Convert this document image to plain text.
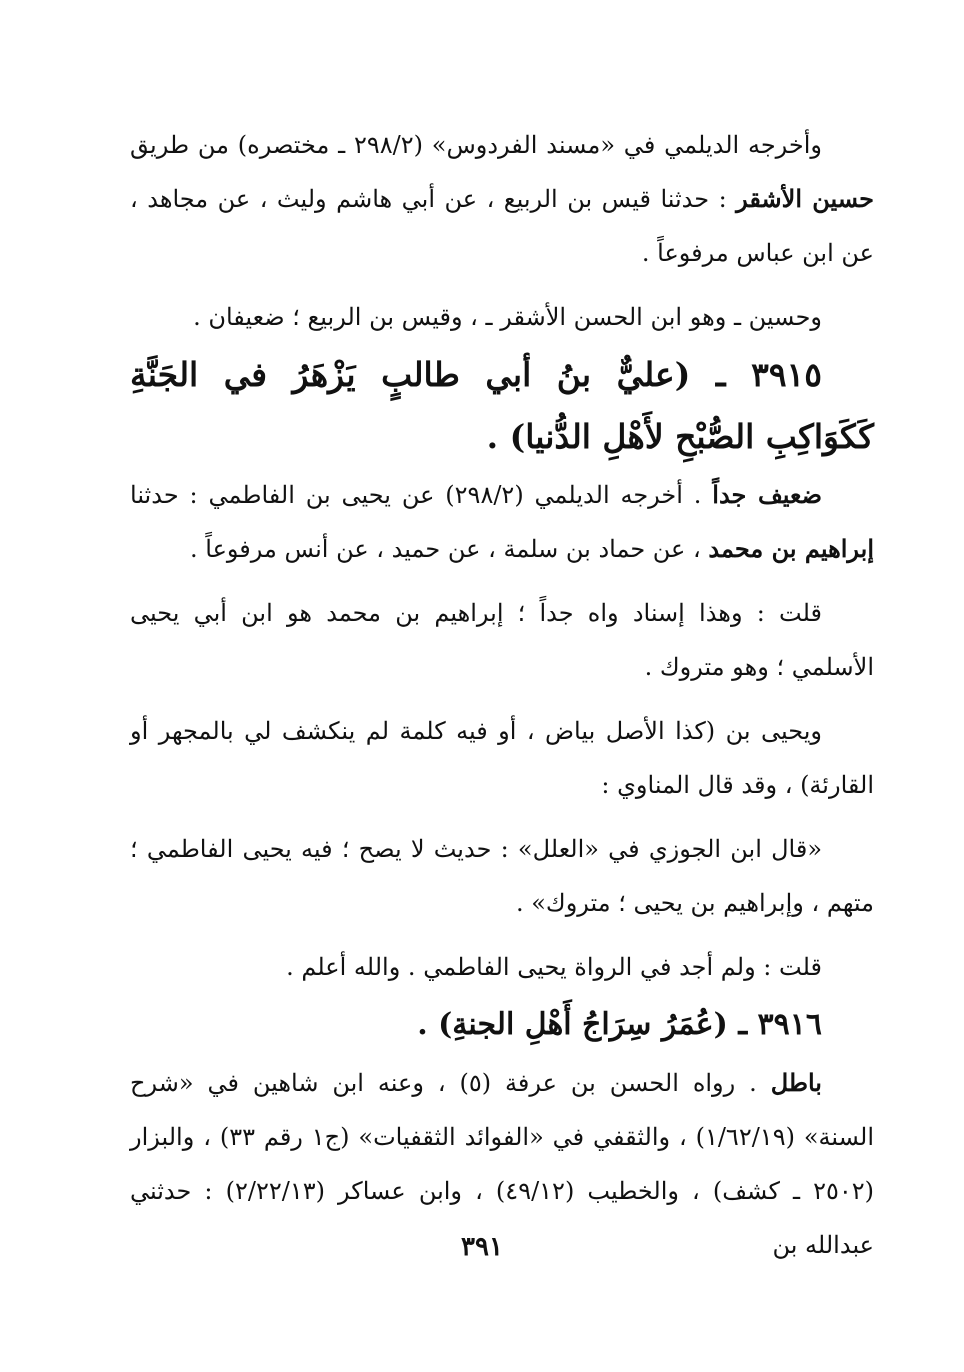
وأخرجه الديلمي في «مسند الفردوس» (٢٩٨/٢ ـ مختصره) من طريق حسين الأشقر : حدثنا قيس بن الربيع ، عن أبي هاشم وليث ، عن مجاهد ، عن ابن عباس مرفوعاً .

وحسين ـ وهو ابن الحسن الأشقر ـ ، وقيس بن الربيع ؛ ضعيفان .

٣٩١٥ ـ (عليٌّ بنُ أبي طالبٍ يَزْهَرُ في الجَنَّةِ كَكَوَاكِبِ الصُّبْحِ لأَهْلِ الدُّنيا) .

ضعيف جداً . أخرجه الديلمي (٢٩٨/٢) عن يحيى بن الفاطمي : حدثنا إبراهيم بن محمد ، عن حماد بن سلمة ، عن حميد ، عن أنس مرفوعاً .

قلت : وهذا إسناد واه جداً ؛ إبراهيم بن محمد هو ابن أبي يحيى الأسلمي ؛ وهو متروك .

ويحيى بن (كذا الأصل بياض ، أو فيه كلمة لم ينكشف لي بالمجهر أو القارئة) ، وقد قال المناوي :

«قال ابن الجوزي في «العلل» : حديث لا يصح ؛ فيه يحيى الفاطمي ؛ متهم ، وإبراهيم بن يحيى ؛ متروك» .

قلت : ولم أجد في الرواة يحيى الفاطمي . والله أعلم .

٣٩١٦ ـ (عُمَرُ سِرَاجُ أَهْلِ الجنةِ) .

باطل . رواه الحسن بن عرفة (٥) ، وعنه ابن شاهين في «شرح السنة» (١/٦٢/١٩) ، والثقفي في «الفوائد الثقفيات» (ج١ رقم ٣٣) ، والبزار (٢٥٠٢ ـ كشف) ، والخطيب (٤٩/١٢) ، وابن عساكر (٢/٢٢/١٣) : حدثني عبدالله بن

٣٩١
